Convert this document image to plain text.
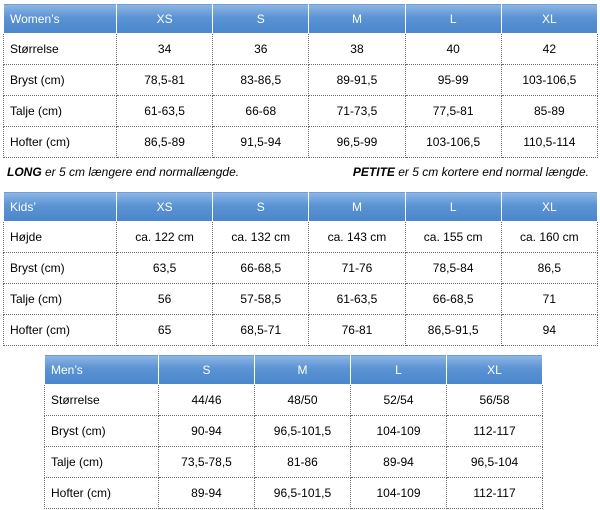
Women’s	XS	S	M	L	XL
Størrelse	34	36	38	40	42
Bryst (cm)	78,5-81	83-86,5	89-91,5	95-99	103-106,5
Talje (cm)	61-63,5	66-68	71-73,5	77,5-81	85-89
Hofter (cm)	86,5-89	91,5-94	96,5-99	103-106,5	110,5-114
LONG er 5 cm længere end normallængde.	PETITE er 5 cm kortere end normal længde.
Kids’	XS	S	M	L	XL
Højde	ca. 122 cm	ca. 132 cm	ca. 143 cm	ca. 155 cm	ca. 160 cm
Bryst (cm)	63,5	66-68,5	71-76	78,5-84	86,5
Talje (cm)	56	57-58,5	61-63,5	66-68,5	71
Hofter (cm)	65	68,5-71	76-81	86,5-91,5	94
Men’s	S	M	L	XL
Størrelse	44/46	48/50	52/54	56/58
Bryst (cm)	90-94	96,5-101,5	104-109	112-117
Talje (cm)	73,5-78,5	81-86	89-94	96,5-104
Hofter (cm)	89-94	96,5-101,5	104-109	112-117
